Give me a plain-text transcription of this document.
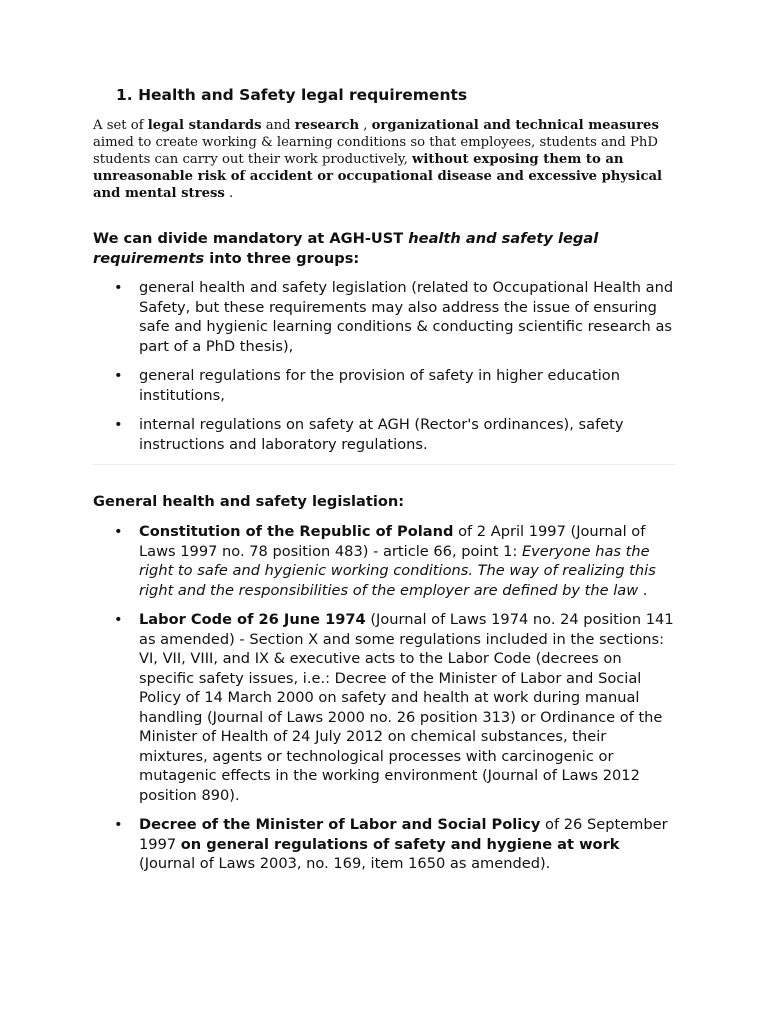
1. Health and Safety legal requirements

A set of legal standards and research , organizational and technical measures aimed to create working & learning conditions so that employees, students and PhD students can carry out their work productively, without exposing them to an unreasonable risk of accident or occupational disease and excessive physical and mental stress .

We can divide mandatory at AGH-UST health and safety legal requirements into three groups:
• general health and safety legislation (related to Occupational Health and Safety, but these requirements may also address the issue of ensuring safe and hygienic learning conditions & conducting scientific research as part of a PhD thesis),
• general regulations for the provision of safety in higher education institutions,
• internal regulations on safety at AGH (Rector's ordinances), safety instructions and laboratory regulations.
General health and safety legislation:
• Constitution of the Republic of Poland of 2 April 1997 (Journal of Laws 1997 no. 78 position 483) - article 66, point 1: Everyone has the right to safe and hygienic working conditions. The way of realizing this right and the responsibilities of the employer are defined by the law .
• Labor Code of 26 June 1974 (Journal of Laws 1974 no. 24 position 141 as amended) - Section X and some regulations included in the sections: VI, VII, VIII, and IX & executive acts to the Labor Code (decrees on specific safety issues, i.e.: Decree of the Minister of Labor and Social Policy of 14 March 2000 on safety and health at work during manual handling (Journal of Laws 2000 no. 26 position 313) or Ordinance of the Minister of Health of 24 July 2012 on chemical substances, their mixtures, agents or technological processes with carcinogenic or mutagenic effects in the working environment (Journal of Laws 2012 position 890).
• Decree of the Minister of Labor and Social Policy of 26 September 1997 on general regulations of safety and hygiene at work (Journal of Laws 2003, no. 169, item 1650 as amended).
